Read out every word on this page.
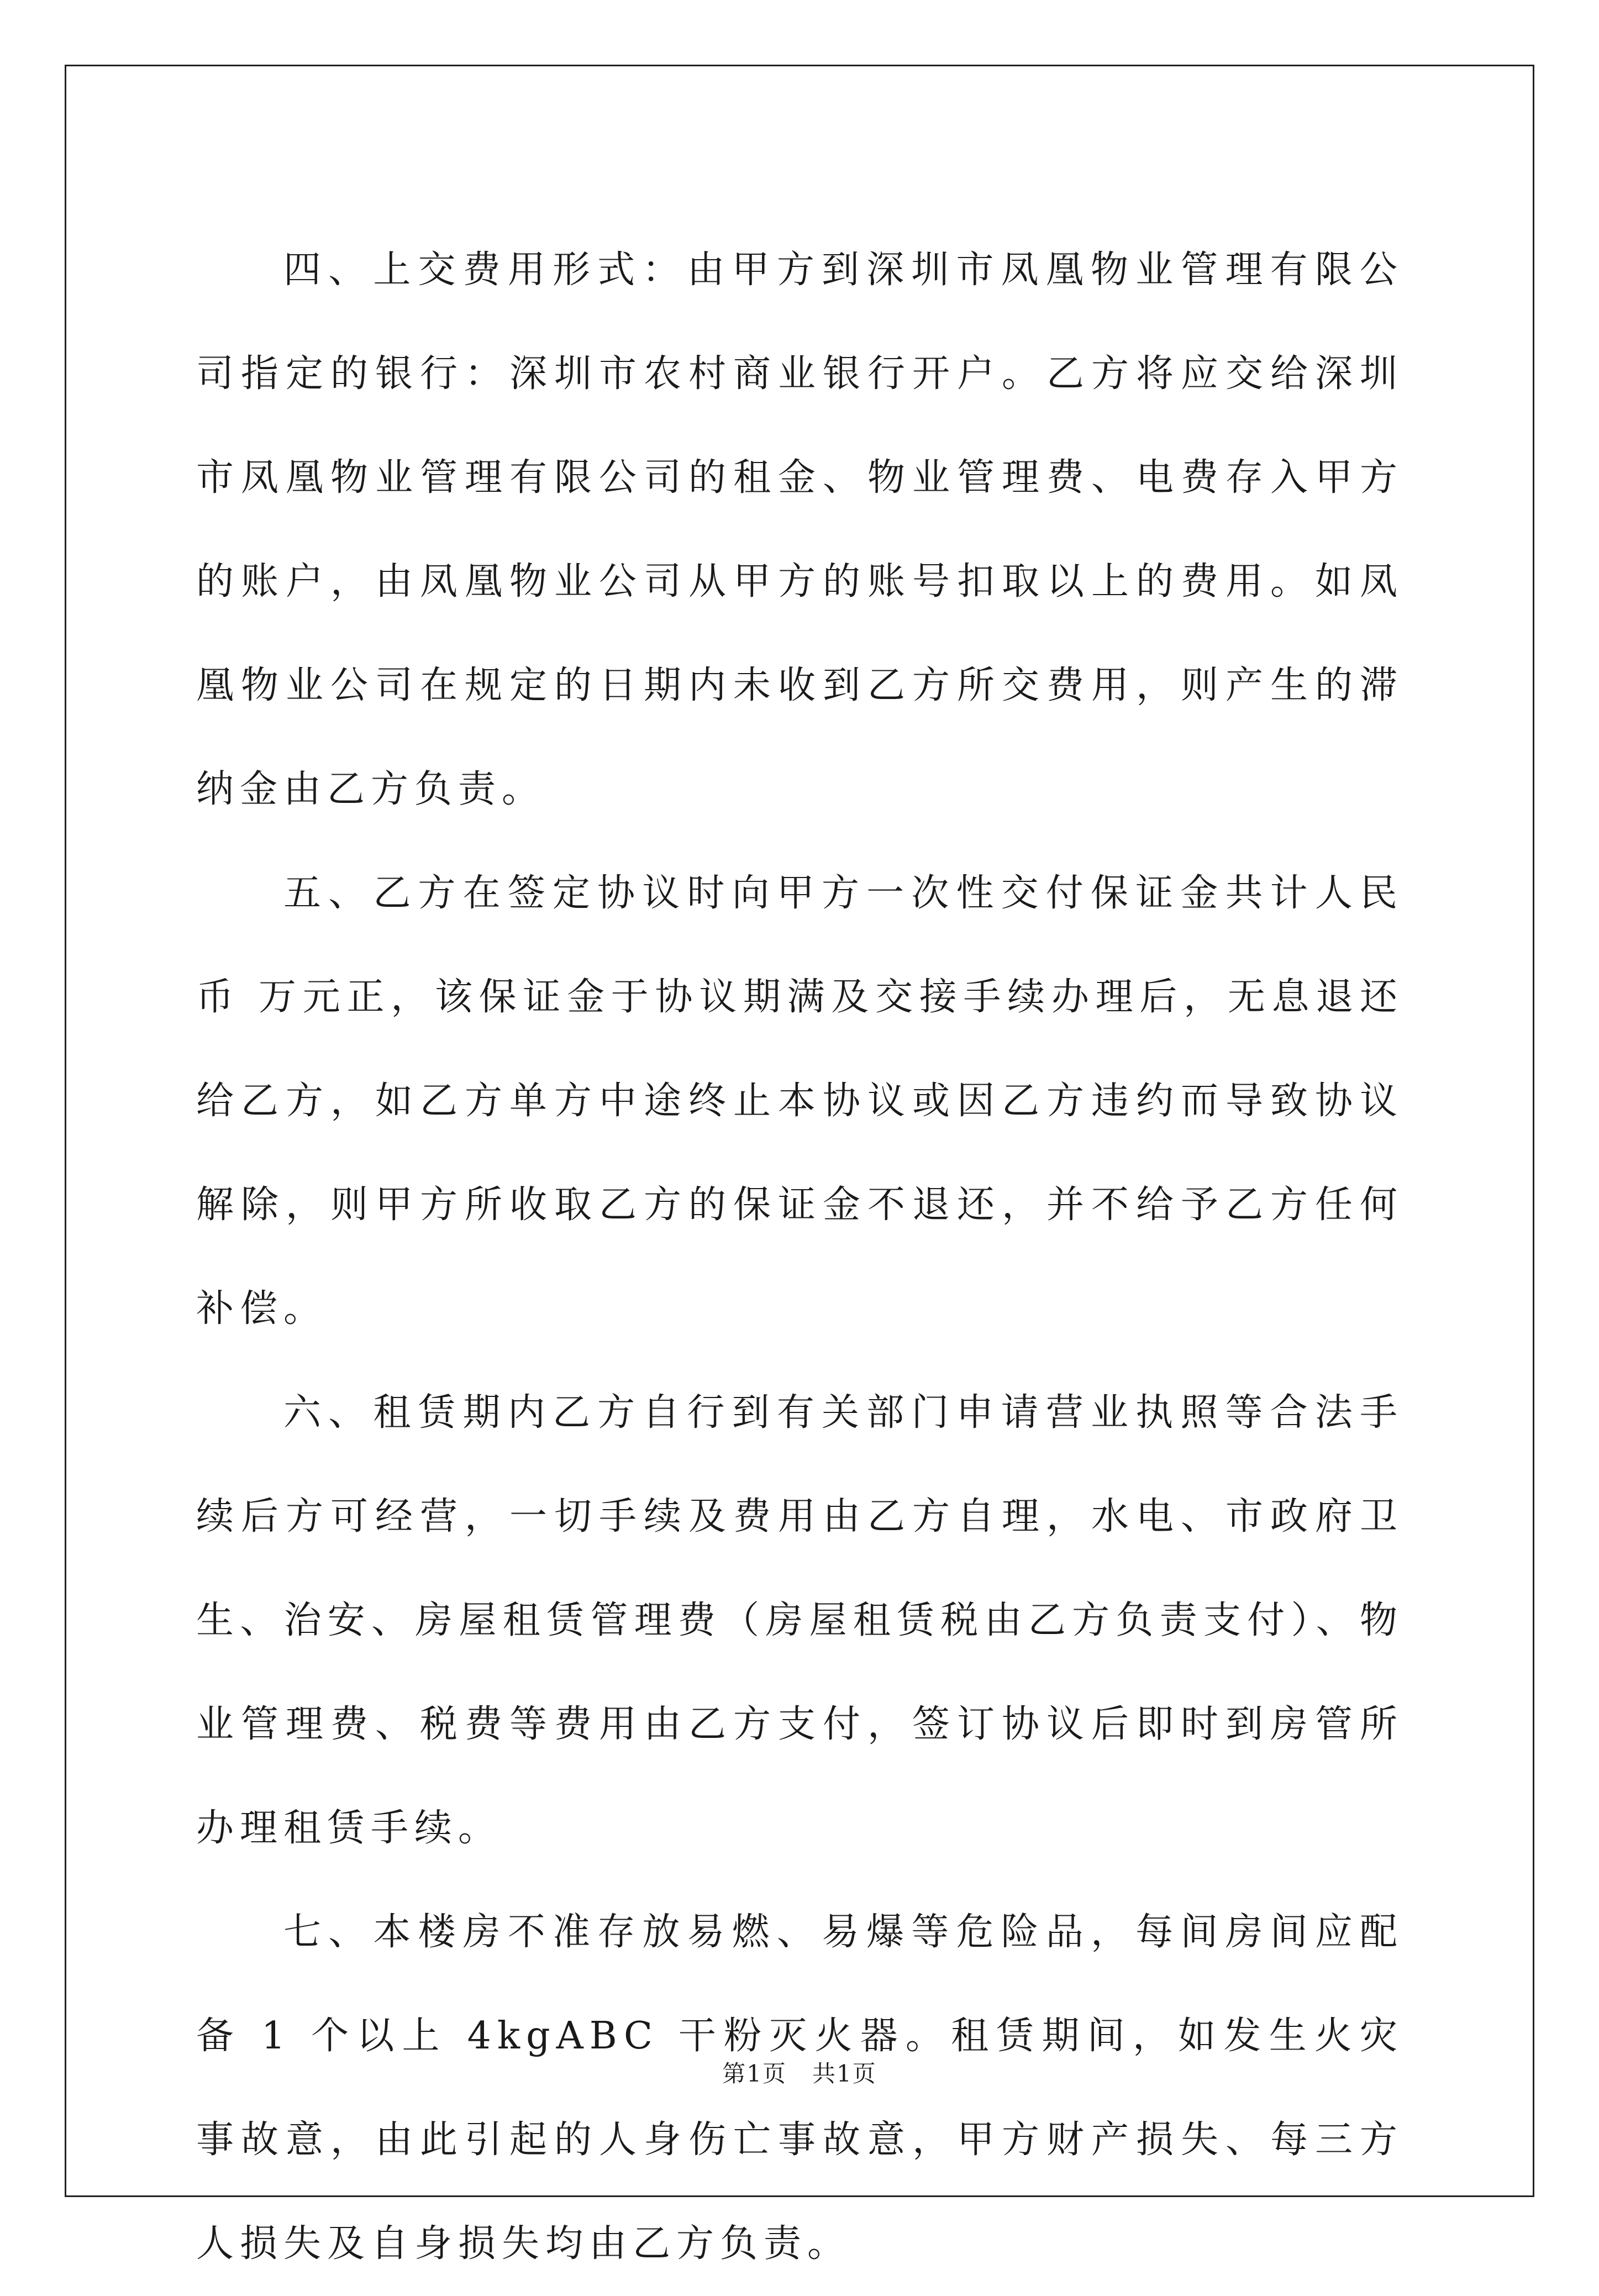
四、上交费用形式：由甲方到深圳市凤凰物业管理有限公司指定的银行：深圳市农村商业银行开户。乙方将应交给深圳市凤凰物业管理有限公司的租金、物业管理费、电费存入甲方的账户，由凤凰物业公司从甲方的账号扣取以上的费用。如凤凰物业公司在规定的日期内未收到乙方所交费用，则产生的滞纳金由乙方负责。

五、乙方在签定协议时向甲方一次性交付保证金共计人民币 万元正，该保证金于协议期满及交接手续办理后，无息退还给乙方，如乙方单方中途终止本协议或因乙方违约而导致协议解除，则甲方所收取乙方的保证金不退还，并不给予乙方任何补偿。

六、租赁期内乙方自行到有关部门申请营业执照等合法手续后方可经营，一切手续及费用由乙方自理，水电、市政府卫生、治安、房屋租赁管理费（房屋租赁税由乙方负责支付）、物业管理费、税费等费用由乙方支付，签订协议后即时到房管所办理租赁手续。

七、本楼房不准存放易燃、易爆等危险品，每间房间应配备 1 个以上 4kgABC 干粉灭火器。租赁期间，如发生火灾事故意，由此引起的人身伤亡事故意，甲方财产损失、每三方人损失及自身损失均由乙方负责。

第1页 共1页
